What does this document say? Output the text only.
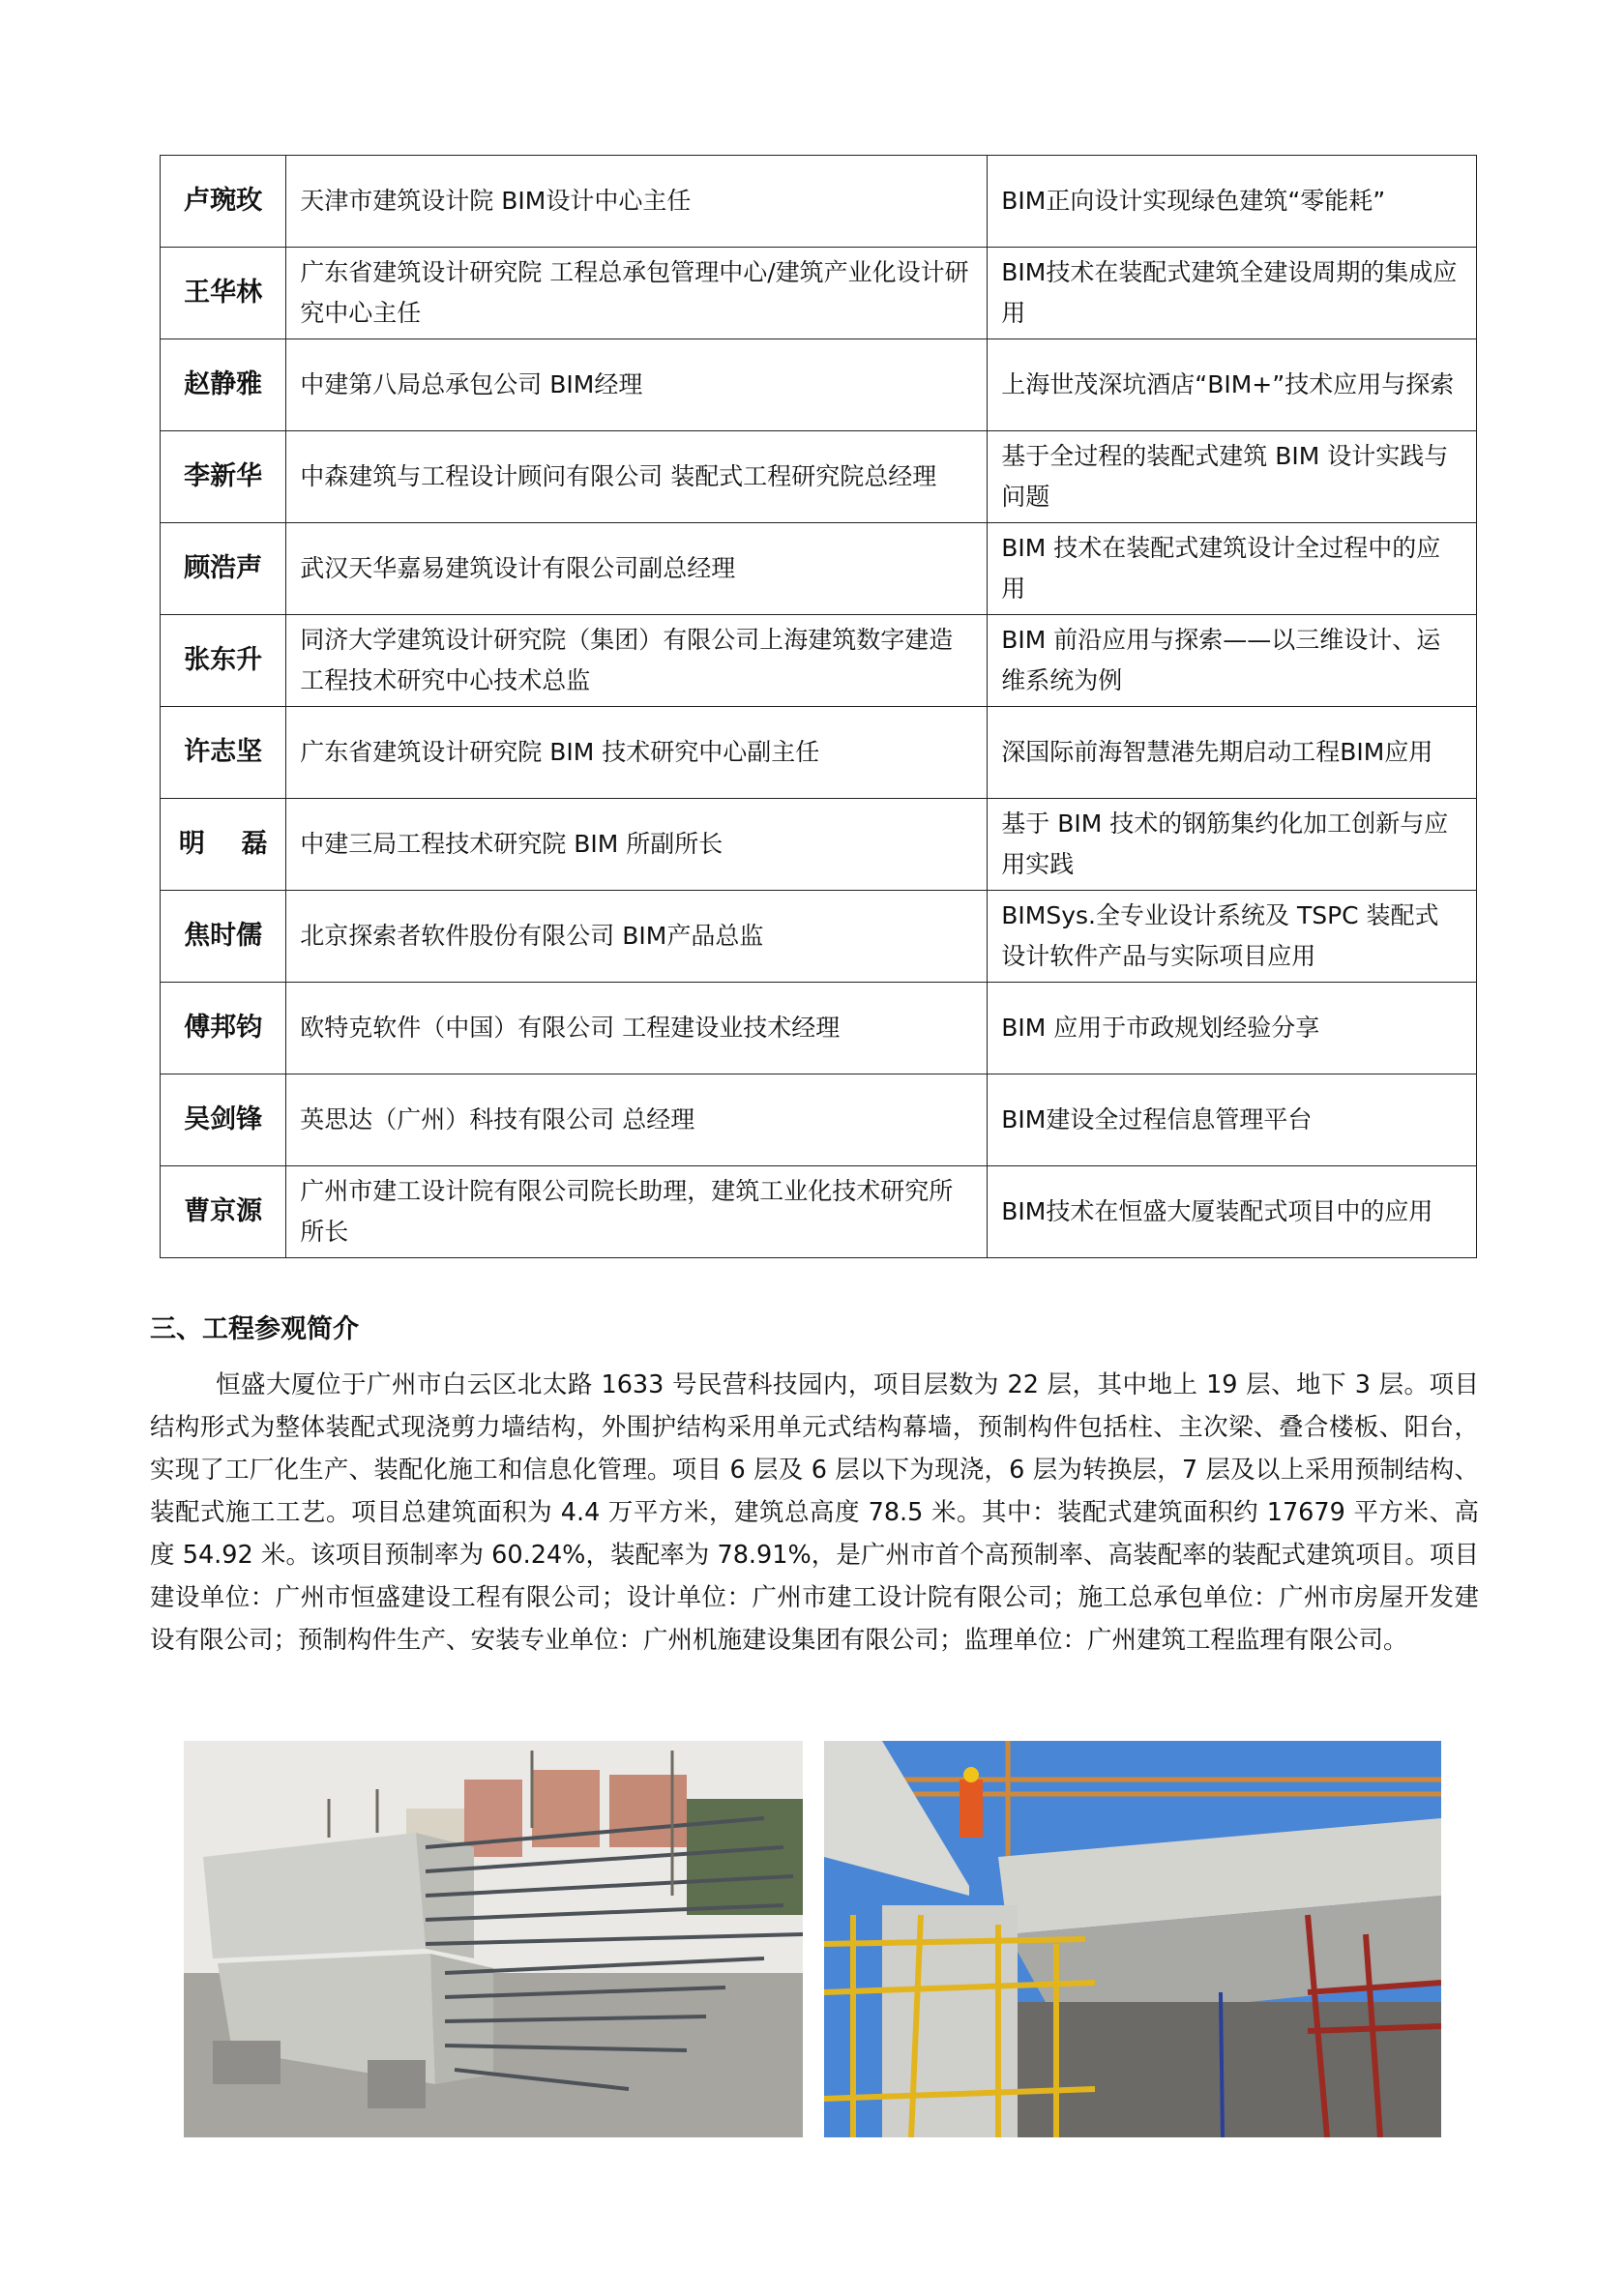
卢琬玫	天津市建筑设计院 BIM设计中心主任	BIM正向设计实现绿色建筑“零能耗”
王华林	广东省建筑设计研究院 工程总承包管理中心/建筑产业化设计研究中心主任	BIM技术在装配式建筑全建设周期的集成应用
赵静雅	中建第八局总承包公司 BIM经理	上海世茂深坑酒店“BIM+”技术应用与探索
李新华	中森建筑与工程设计顾问有限公司 装配式工程研究院总经理	基于全过程的装配式建筑 BIM 设计实践与问题
顾浩声	武汉天华嘉易建筑设计有限公司副总经理	BIM 技术在装配式建筑设计全过程中的应用
张东升	同济大学建筑设计研究院（集团）有限公司上海建筑数字建造工程技术研究中心技术总监	BIM 前沿应用与探索——以三维设计、运维系统为例
许志坚	广东省建筑设计研究院 BIM 技术研究中心副主任	深国际前海智慧港先期启动工程BIM应用
明    磊	中建三局工程技术研究院 BIM 所副所长	基于 BIM 技术的钢筋集约化加工创新与应用实践
焦时儒	北京探索者软件股份有限公司 BIM产品总监	BIMSys.全专业设计系统及 TSPC 装配式设计软件产品与实际项目应用
傅邦钧	欧特克软件（中国）有限公司 工程建设业技术经理	BIM 应用于市政规划经验分享
吴剑锋	英思达（广州）科技有限公司 总经理	BIM建设全过程信息管理平台
曹京源	广州市建工设计院有限公司院长助理，建筑工业化技术研究所所长	BIM技术在恒盛大厦装配式项目中的应用
三、工程参观简介

恒盛大厦位于广州市白云区北太路 1633 号民营科技园内，项目层数为 22 层，其中地上 19 层、地下 3 层。项目结构形式为整体装配式现浇剪力墙结构，外围护结构采用单元式结构幕墙，预制构件包括柱、主次梁、叠合楼板、阳台，实现了工厂化生产、装配化施工和信息化管理。项目 6 层及 6 层以下为现浇，6 层为转换层，7 层及以上采用预制结构、装配式施工工艺。项目总建筑面积为 4.4 万平方米，建筑总高度 78.5 米。其中：装配式建筑面积约 17679 平方米、高度 54.92 米。该项目预制率为 60.24%，装配率为 78.91%，是广州市首个高预制率、高装配率的装配式建筑项目。项目建设单位：广州市恒盛建设工程有限公司；设计单位：广州市建工设计院有限公司；施工总承包单位：广州市房屋开发建设有限公司；预制构件生产、安装专业单位：广州机施建设集团有限公司；监理单位：广州建筑工程监理有限公司。
